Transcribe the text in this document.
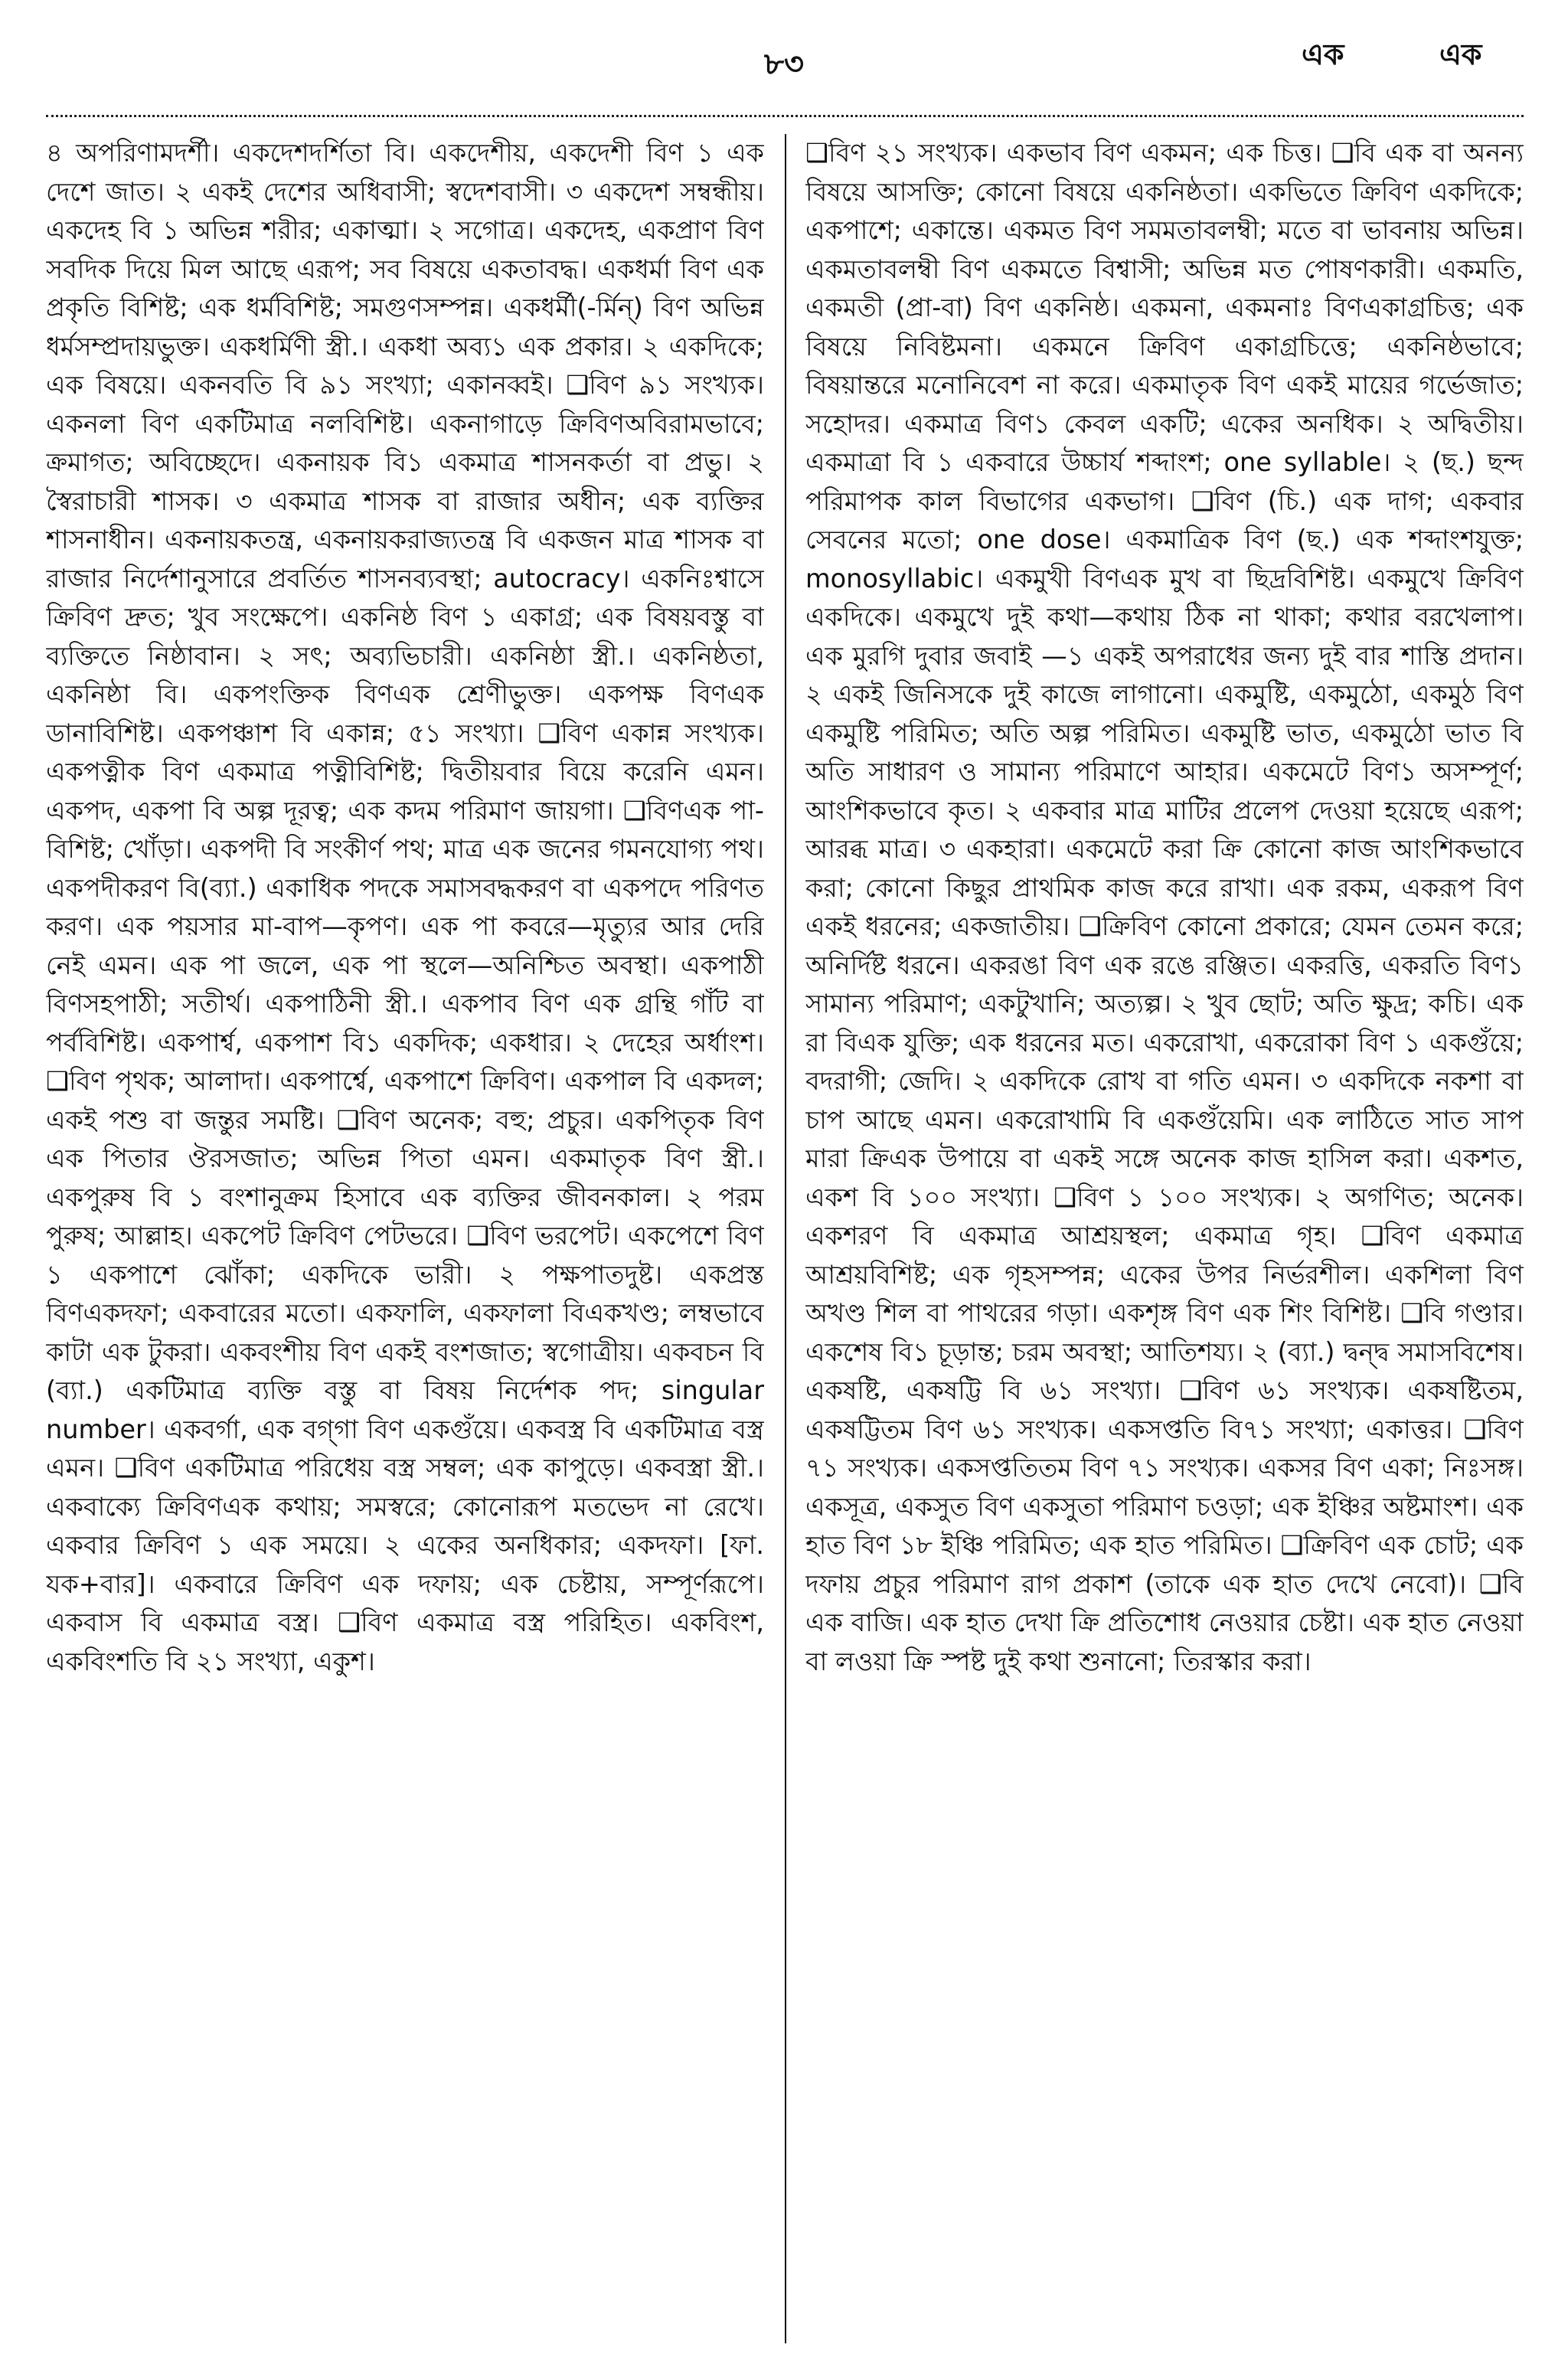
৮৩	এক	এক

৪ অপরিণামদর্শী। একদেশদর্শিতা বি। একদেশীয়, একদেশী বিণ ১ এক দেশে জাত। ২ একই দেশের অধিবাসী; স্বদেশবাসী। ৩ একদেশ সম্বন্ধীয়। একদেহ বি ১ অভিন্ন শরীর; একাত্মা। ২ সগোত্র। একদেহ, একপ্রাণ বিণ সবদিক দিয়ে মিল আছে এরূপ; সব বিষয়ে একতাবদ্ধ। একধর্মা বিণ এক প্রকৃতি বিশিষ্ট; এক ধর্মবিশিষ্ট; সমগুণসম্পন্ন। একধর্মী(-র্মিন্) বিণ অভিন্ন ধর্মসম্প্রদায়ভুক্ত। একধর্মিণী স্ত্রী.। একধা অব্য১ এক প্রকার। ২ একদিকে; এক বিষয়ে। একনবতি বি ৯১ সংখ্যা; একানব্বই। ❑বিণ ৯১ সংখ্যক। একনলা বিণ একটিমাত্র নলবিশিষ্ট। একনাগাড়ে ক্রিবিণঅবিরামভাবে; ক্রমাগত; অবিচ্ছেদে। একনায়ক বি১ একমাত্র শাসনকর্তা বা প্রভু। ২ স্বৈরাচারী শাসক। ৩ একমাত্র শাসক বা রাজার অধীন; এক ব্যক্তির শাসনাধীন। একনায়কতন্ত্র, একনায়করাজ্যতন্ত্র বি একজন মাত্র শাসক বা রাজার নির্দেশানুসারে প্রবর্তিত শাসনব্যবস্থা; autocracy। একনিঃশ্বাসে ক্রিবিণ দ্রুত; খুব সংক্ষেপে। একনিষ্ঠ বিণ ১ একাগ্র; এক বিষয়বস্তু বা ব্যক্তিতে নিষ্ঠাবান। ২ সৎ; অব্যভিচারী। একনিষ্ঠা স্ত্রী.। একনিষ্ঠতা, একনিষ্ঠা বি। একপংক্তিক বিণএক শ্রেণীভুক্ত। একপক্ষ বিণএক ডানাবিশিষ্ট। একপঞ্চাশ বি একান্ন; ৫১ সংখ্যা। ❑বিণ একান্ন সংখ্যক। একপত্নীক বিণ একমাত্র পত্নীবিশিষ্ট; দ্বিতীয়বার বিয়ে করেনি এমন। একপদ, একপা বি অল্প দূরত্ব; এক কদম পরিমাণ জায়গা। ❑বিণএক পা-বিশিষ্ট; খোঁড়া। একপদী বি সংকীর্ণ পথ; মাত্র এক জনের গমনযোগ্য পথ। একপদীকরণ বি(ব্যা.) একাধিক পদকে সমাসবদ্ধকরণ বা একপদে পরিণত করণ। এক পয়সার মা-বাপ—কৃপণ। এক পা কবরে—মৃত্যুর আর দেরি নেই এমন। এক পা জলে, এক পা স্থলে—অনিশ্চিত অবস্থা। একপাঠী বিণসহপাঠী; সতীর্থ। একপাঠিনী স্ত্রী.। একপাব বিণ এক গ্রন্থি গাঁট বা পর্ববিশিষ্ট। একপার্শ্ব, একপাশ বি১ একদিক; একধার। ২ দেহের অর্ধাংশ। ❑বিণ পৃথক; আলাদা। একপার্শ্বে, একপাশে ক্রিবিণ। একপাল বি একদল; একই পশু বা জন্তুর সমষ্টি। ❑বিণ অনেক; বহু; প্রচুর। একপিতৃক বিণ এক পিতার ঔরসজাত; অভিন্ন পিতা এমন। একমাতৃক বিণ স্ত্রী.। একপুরুষ বি ১ বংশানুক্রম হিসাবে এক ব্যক্তির জীবনকাল। ২ পরম পুরুষ; আল্লাহ। একপেট ক্রিবিণ পেটভরে। ❑বিণ ভরপেট। একপেশে বিণ ১ একপাশে ঝোঁকা; একদিকে ভারী। ২ পক্ষপাতদুষ্ট। একপ্রস্ত বিণএকদফা; একবারের মতো। একফালি, একফালা বিএকখণ্ড; লম্বভাবে কাটা এক টুকরা। একবংশীয় বিণ একই বংশজাত; স্বগোত্রীয়। একবচন বি (ব্যা.) একটিমাত্র ব্যক্তি বস্তু বা বিষয় নির্দেশক পদ; singular number। একবর্গা, এক বগ্‌গা বিণ একগুঁয়ে। একবস্ত্র বি একটিমাত্র বস্ত্র এমন। ❑বিণ একটিমাত্র পরিধেয় বস্ত্র সম্বল; এক কাপুড়ে। একবস্ত্রা স্ত্রী.। একবাক্যে ক্রিবিণএক কথায়; সমস্বরে; কোনোরূপ মতভেদ না রেখে। একবার ক্রিবিণ ১ এক সময়ে। ২ একের অনধিকার; একদফা। [ফা. যক+বার]। একবারে ক্রিবিণ এক দফায়; এক চেষ্টায়, সম্পূর্ণরূপে। একবাস বি একমাত্র বস্ত্র। ❑বিণ একমাত্র বস্ত্র পরিহিত। একবিংশ, একবিংশতি বি ২১ সংখ্যা, একুশ।

❑বিণ ২১ সংখ্যক। একভাব বিণ একমন; এক চিত্ত। ❑বি এক বা অনন্য বিষয়ে আসক্তি; কোনো বিষয়ে একনিষ্ঠতা। একভিতে ক্রিবিণ একদিকে; একপাশে; একান্তে। একমত বিণ সমমতাবলম্বী; মতে বা ভাবনায় অভিন্ন। একমতাবলম্বী বিণ একমতে বিশ্বাসী; অভিন্ন মত পোষণকারী। একমতি, একমতী (প্রা-বা) বিণ একনিষ্ঠ। একমনা, একমনাঃ বিণএকাগ্রচিত্ত; এক বিষয়ে নিবিষ্টমনা। একমনে ক্রিবিণ একাগ্রচিত্তে; একনিষ্ঠভাবে; বিষয়ান্তরে মনোনিবেশ না করে। একমাতৃক বিণ একই মায়ের গর্ভেজাত; সহোদর। একমাত্র বিণ১ কেবল একটি; একের অনধিক। ২ অদ্বিতীয়। একমাত্রা বি ১ একবারে উচ্চার্য শব্দাংশ; one syllable। ২ (ছ.) ছন্দ পরিমাপক কাল বিভাগের একভাগ। ❑বিণ (চি.) এক দাগ; একবার সেবনের মতো; one dose। একমাত্রিক বিণ (ছ.) এক শব্দাংশযুক্ত; monosyllabic। একমুখী বিণএক মুখ বা ছিদ্রবিশিষ্ট। একমুখে ক্রিবিণ একদিকে। একমুখে দুই কথা—কথায় ঠিক না থাকা; কথার বরখেলাপ। এক মুরগি দুবার জবাই —১ একই অপরাধের জন্য দুই বার শাস্তি প্রদান। ২ একই জিনিসকে দুই কাজে লাগানো। একমুষ্টি, একমুঠো, একমুঠ বিণ একমুষ্টি পরিমিত; অতি অল্প পরিমিত। একমুষ্টি ভাত, একমুঠো ভাত বি অতি সাধারণ ও সামান্য পরিমাণে আহার। একমেটে বিণ১ অসম্পূর্ণ; আংশিকভাবে কৃত। ২ একবার মাত্র মাটির প্রলেপ দেওয়া হয়েছে এরূপ; আরব্ধ মাত্র। ৩ একহারা। একমেটে করা ক্রি কোনো কাজ আংশিকভাবে করা; কোনো কিছুর প্রাথমিক কাজ করে রাখা। এক রকম, একরূপ বিণ একই ধরনের; একজাতীয়। ❑ক্রিবিণ কোনো প্রকারে; যেমন তেমন করে; অনির্দিষ্ট ধরনে। একরঙা বিণ এক রঙে রঞ্জিত। একরত্তি, একরতি বিণ১ সামান্য পরিমাণ; একটুখানি; অত্যল্প। ২ খুব ছোট; অতি ক্ষুদ্র; কচি। এক রা বিএক যুক্তি; এক ধরনের মত। একরোখা, একরোকা বিণ ১ একগুঁয়ে; বদরাগী; জেদি। ২ একদিকে রোখ বা গতি এমন। ৩ একদিকে নকশা বা চাপ আছে এমন। একরোখামি বি একগুঁয়েমি। এক লাঠিতে সাত সাপ মারা ক্রিএক উপায়ে বা একই সঙ্গে অনেক কাজ হাসিল করা। একশত, একশ বি ১০০ সংখ্যা। ❑বিণ ১ ১০০ সংখ্যক। ২ অগণিত; অনেক। একশরণ বি একমাত্র আশ্রয়স্থল; একমাত্র গৃহ। ❑বিণ একমাত্র আশ্রয়বিশিষ্ট; এক গৃহসম্পন্ন; একের উপর নির্ভরশীল। একশিলা বিণ অখণ্ড শিল বা পাথরের গড়া। একশৃঙ্গ বিণ এক শিং বিশিষ্ট। ❑বি গণ্ডার। একশেষ বি১ চূড়ান্ত; চরম অবস্থা; আতিশয্য। ২ (ব্যা.) দ্বন্দ্ব সমাসবিশেষ। একষষ্টি, একষট্টি বি ৬১ সংখ্যা। ❑বিণ ৬১ সংখ্যক। একষষ্টিতম, একষট্টিতম বিণ ৬১ সংখ্যক। একসপ্ততি বি৭১ সংখ্যা; একাত্তর। ❑বিণ ৭১ সংখ্যক। একসপ্ততিতম বিণ ৭১ সংখ্যক। একসর বিণ একা; নিঃসঙ্গ। একসূত্র, একসুত বিণ একসুতা পরিমাণ চওড়া; এক ইঞ্চির অষ্টমাংশ। এক হাত বিণ ১৮ ইঞ্চি পরিমিত; এক হাত পরিমিত। ❑ক্রিবিণ এক চোট; এক দফায় প্রচুর পরিমাণ রাগ প্রকাশ (তাকে এক হাত দেখে নেবো)। ❑বি এক বাজি। এক হাত দেখা ক্রি প্রতিশোধ নেওয়ার চেষ্টা। এক হাত নেওয়া বা লওয়া ক্রি স্পষ্ট দুই কথা শুনানো; তিরস্কার করা।
